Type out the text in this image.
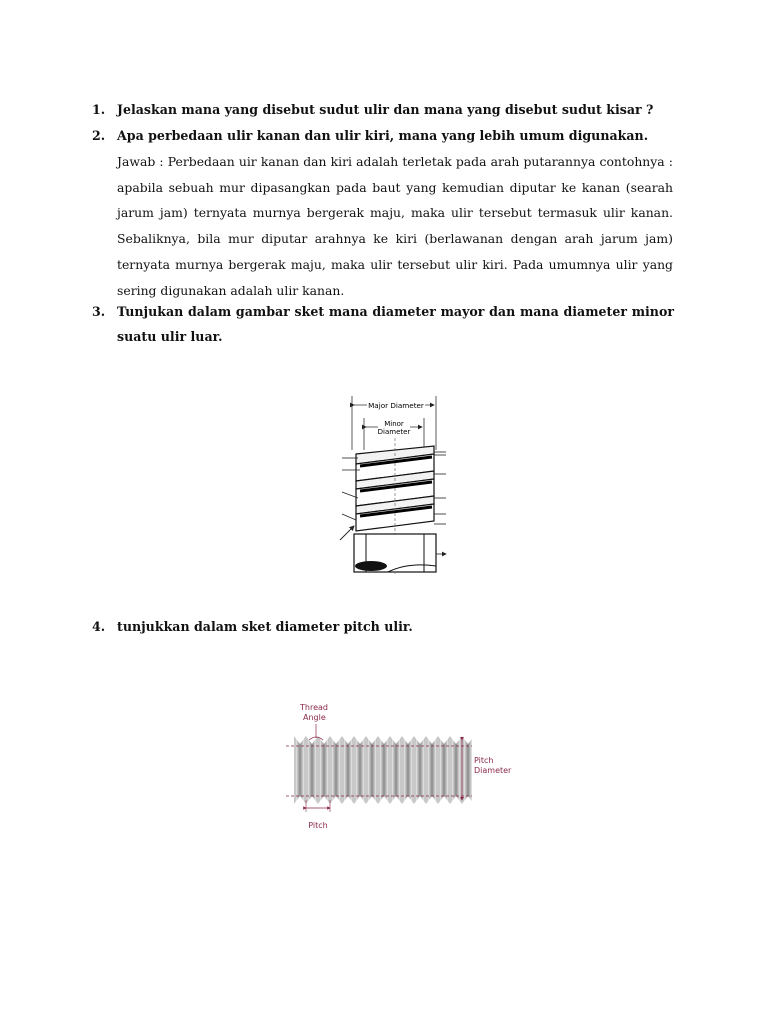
1. Jelaskan mana yang disebut sudut ulir dan mana yang disebut sudut kisar ?
2. Apa perbedaan ulir kanan dan ulir kiri, mana yang lebih umum digunakan.
Jawab : Perbedaan uir kanan dan kiri adalah terletak pada arah putarannya contohnya : apabila sebuah mur dipasangkan pada baut yang kemudian diputar ke kanan (searah jarum jam) ternyata murnya bergerak maju, maka ulir tersebut termasuk ulir kanan. Sebaliknya, bila mur diputar arahnya ke kiri (berlawanan dengan arah jarum jam) ternyata murnya bergerak maju, maka ulir tersebut ulir kiri. Pada umumnya ulir yang sering digunakan adalah ulir kanan.
3. Tunjukan dalam gambar sket mana diameter mayor dan mana diameter minor suatu ulir luar.
Major Diameter
Minor
Diameter
4. tunjukkan dalam sket diameter pitch ulir.
Pitch
Diameter
Thread
Angle
Pitch
